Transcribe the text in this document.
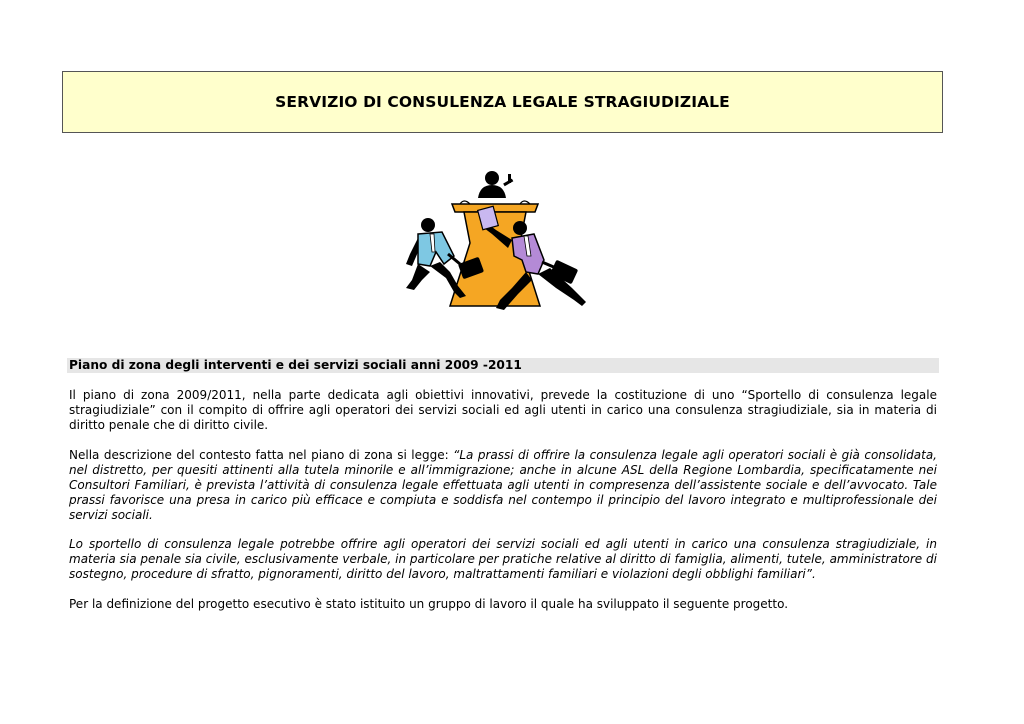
SERVIZIO DI CONSULENZA LEGALE STRAGIUDIZIALE
Piano di zona degli interventi e dei servizi sociali anni 2009 -2011

Il piano di zona 2009/2011, nella parte dedicata agli obiettivi innovativi, prevede la costituzione di uno “Sportello di consulenza legale stragiudiziale” con il compito di offrire agli operatori dei servizi sociali ed agli utenti in carico una consulenza stragiudiziale, sia in materia di diritto penale che di diritto civile.

Nella descrizione del contesto fatta nel piano di zona si legge: “La prassi di offrire la consulenza legale agli operatori sociali è già consolidata, nel distretto, per quesiti attinenti alla tutela minorile e all’immigrazione; anche in alcune ASL della Regione Lombardia, specificatamente nei Consultori Familiari, è prevista l’attività di consulenza legale effettuata agli utenti in compresenza dell’assistente sociale e dell’avvocato. Tale prassi favorisce una presa in carico più efficace e compiuta e soddisfa nel contempo il principio del lavoro integrato e multiprofessionale dei servizi sociali.

Lo sportello di consulenza legale potrebbe offrire agli operatori dei servizi sociali ed agli utenti in carico una consulenza stragiudiziale, in materia sia penale sia civile, esclusivamente verbale, in particolare per pratiche relative al diritto di famiglia, alimenti, tutele, amministratore di sostegno, procedure di sfratto, pignoramenti, diritto del lavoro, maltrattamenti familiari e violazioni degli obblighi familiari”.

Per la definizione del progetto esecutivo è stato istituito un gruppo di lavoro il quale ha sviluppato il seguente progetto.
